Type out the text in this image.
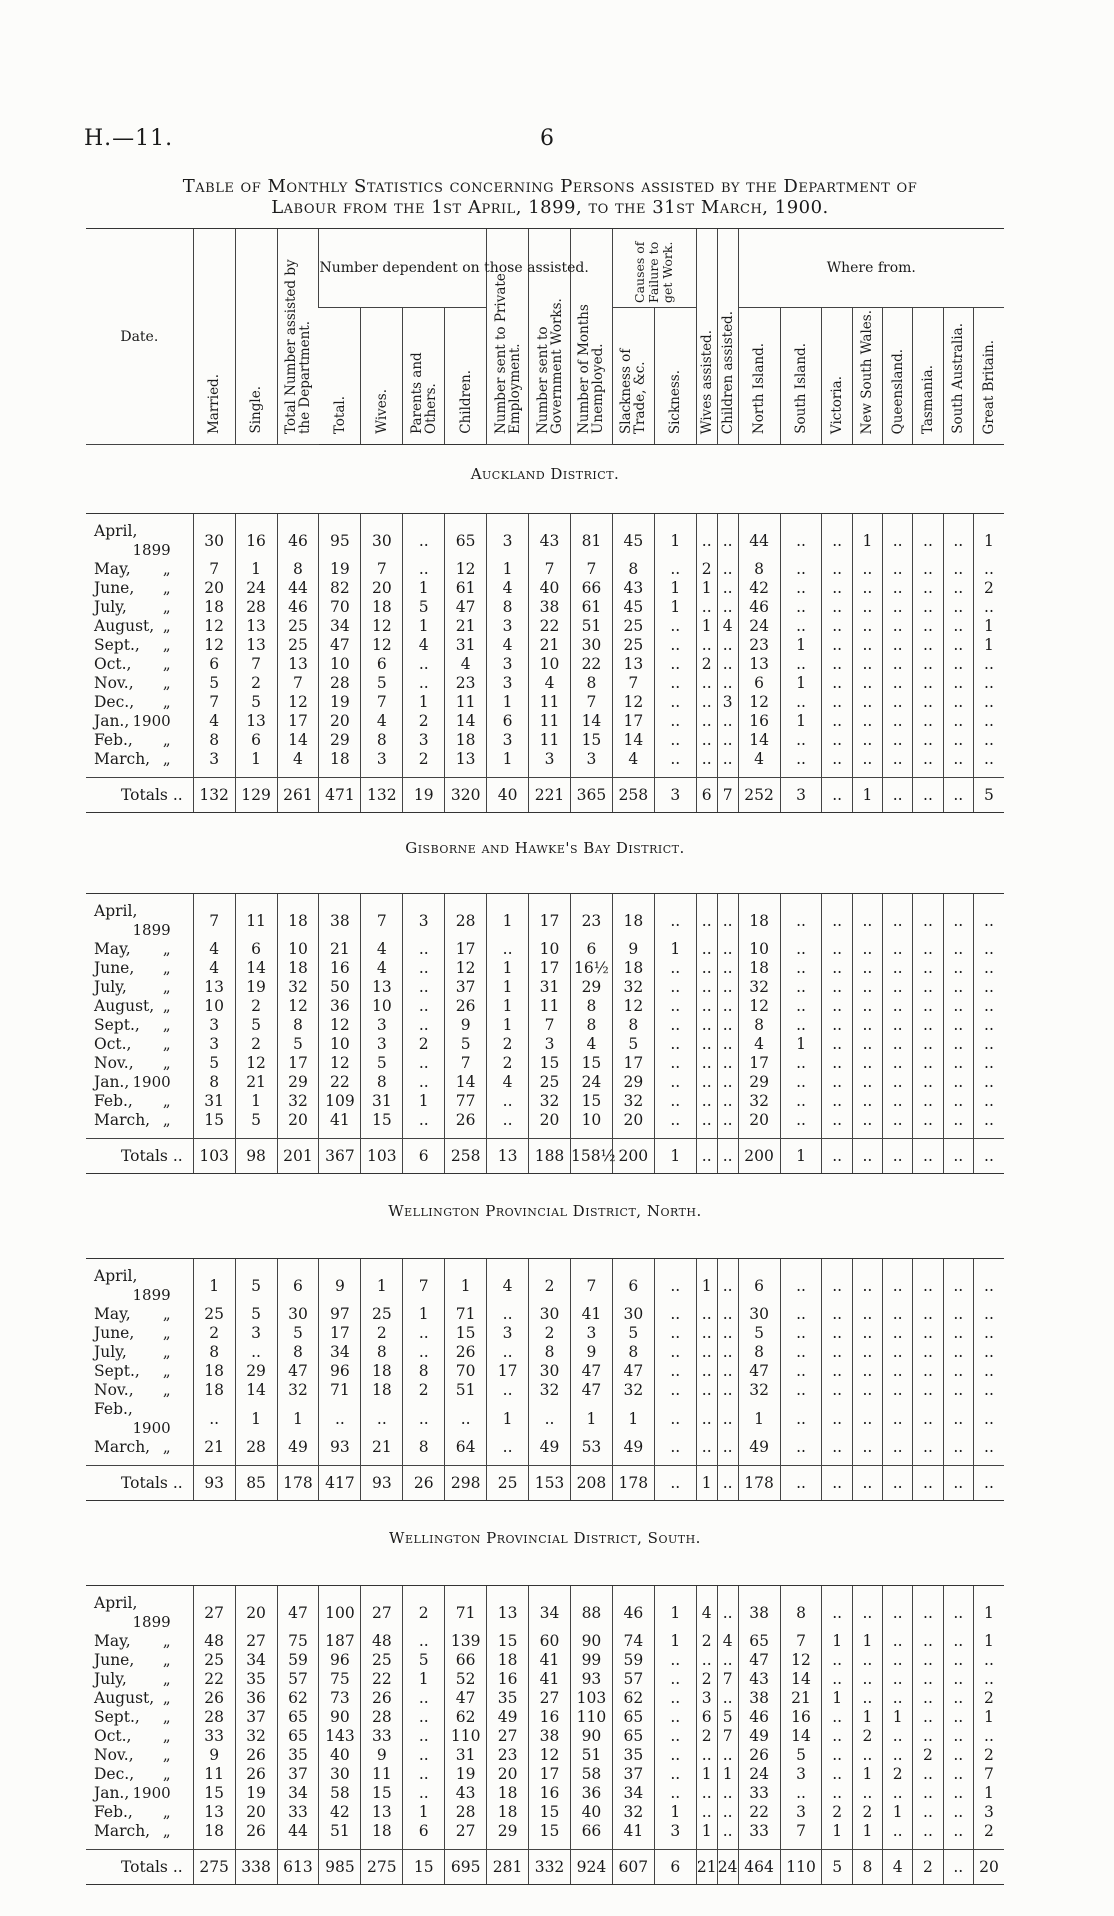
H.—11.	6
Table of Monthly Statistics concerning Persons assisted by the Department of
Labour from the 1st April, 1899, to the 31st March, 1900.
Date.	Married.	Single.	Total Number assisted by the Department.	Number dependent on those assisted.				Number sent to Private Employment.	Number sent to Government Works.	Number of Months Unemployed.	Causes of Failure to get Work.		Wives assisted.	Children assisted.	Where from.							
				Total.	Wives.	Parents and Others.	Children.				Slackness of Trade, &c.	Sickness.			North Island.	South Island.	Victoria.	New South Wales.	Queensland.	Tasmania.	South Australia.	Great Britain.
Auckland District.																						

April,
1899	30	16	46	95	30	..	65	3	43	81	45	1	..	..	44	..	..	1	..	..	..	1
May, „	7	1	8	19	7	..	12	1	7	7	8	..	2	..	8	..	..	..	..	..	..	..
June, „	20	24	44	82	20	1	61	4	40	66	43	1	1	..	42	..	..	..	..	..	..	2
July, „	18	28	46	70	18	5	47	8	38	61	45	1	..	..	46	..	..	..	..	..	..	..
August, „	12	13	25	34	12	1	21	3	22	51	25	..	1	4	24	..	..	..	..	..	..	1
Sept., „	12	13	25	47	12	4	31	4	21	30	25	..	..	..	23	1	..	..	..	..	..	1
Oct., „	6	7	13	10	6	..	4	3	10	22	13	..	2	..	13	..	..	..	..	..	..	..
Nov., „	5	2	7	28	5	..	23	3	4	8	7	..	..	..	6	1	..	..	..	..	..	..
Dec., „	7	5	12	19	7	1	11	1	11	7	12	..	..	3	12	..	..	..	..	..	..	..
Jan., 1900	4	13	17	20	4	2	14	6	11	14	17	..	..	..	16	1	..	..	..	..	..	..
Feb., „	8	6	14	29	8	3	18	3	11	15	14	..	..	..	14	..	..	..	..	..	..	..
March, „	3	1	4	18	3	2	13	1	3	3	4	..	..	..	4	..	..	..	..	..	..	..

Totals ..	132	129	261	471	132	19	320	40	221	365	258	3	6	7	252	3	..	1	..	..	..	5
Gisborne and Hawke's Bay District.																						

April,
1899	7	11	18	38	7	3	28	1	17	23	18	..	..	..	18	..	..	..	..	..	..	..
May, „	4	6	10	21	4	..	17	..	10	6	9	1	..	..	10	..	..	..	..	..	..	..
June, „	4	14	18	16	4	..	12	1	17	16½	18	..	..	..	18	..	..	..	..	..	..	..
July, „	13	19	32	50	13	..	37	1	31	29	32	..	..	..	32	..	..	..	..	..	..	..
August, „	10	2	12	36	10	..	26	1	11	8	12	..	..	..	12	..	..	..	..	..	..	..
Sept., „	3	5	8	12	3	..	9	1	7	8	8	..	..	..	8	..	..	..	..	..	..	..
Oct., „	3	2	5	10	3	2	5	2	3	4	5	..	..	..	4	1	..	..	..	..	..	..
Nov., „	5	12	17	12	5	..	7	2	15	15	17	..	..	..	17	..	..	..	..	..	..	..
Jan., 1900	8	21	29	22	8	..	14	4	25	24	29	..	..	..	29	..	..	..	..	..	..	..
Feb., „	31	1	32	109	31	1	77	..	32	15	32	..	..	..	32	..	..	..	..	..	..	..
March, „	15	5	20	41	15	..	26	..	20	10	20	..	..	..	20	..	..	..	..	..	..	..

Totals ..	103	98	201	367	103	6	258	13	188	158½	200	1	..	..	200	1	..	..	..	..	..	..
Wellington Provincial District, North.																						

April,
1899	1	5	6	9	1	7	1	4	2	7	6	..	1	..	6	..	..	..	..	..	..	..
May, „	25	5	30	97	25	1	71	..	30	41	30	..	..	..	30	..	..	..	..	..	..	..
June, „	2	3	5	17	2	..	15	3	2	3	5	..	..	..	5	..	..	..	..	..	..	..
July, „	8	..	8	34	8	..	26	..	8	9	8	..	..	..	8	..	..	..	..	..	..	..
Sept., „	18	29	47	96	18	8	70	17	30	47	47	..	..	..	47	..	..	..	..	..	..	..
Nov., „	18	14	32	71	18	2	51	..	32	47	32	..	..	..	32	..	..	..	..	..	..	..
Feb.,
1900	..	1	1	..	..	..	..	1	..	1	1	..	..	..	1	..	..	..	..	..	..	..
March, „	21	28	49	93	21	8	64	..	49	53	49	..	..	..	49	..	..	..	..	..	..	..

Totals ..	93	85	178	417	93	26	298	25	153	208	178	..	1	..	178	..	..	..	..	..	..	..
Wellington Provincial District, South.																						

April,
1899	27	20	47	100	27	2	71	13	34	88	46	1	4	..	38	8	..	..	..	..	..	1
May, „	48	27	75	187	48	..	139	15	60	90	74	1	2	4	65	7	1	1	..	..	..	1
June, „	25	34	59	96	25	5	66	18	41	99	59	..	..	..	47	12	..	..	..	..	..	..
July, „	22	35	57	75	22	1	52	16	41	93	57	..	2	7	43	14	..	..	..	..	..	..
August, „	26	36	62	73	26	..	47	35	27	103	62	..	3	..	38	21	1	..	..	..	..	2
Sept., „	28	37	65	90	28	..	62	49	16	110	65	..	6	5	46	16	..	1	1	..	..	1
Oct., „	33	32	65	143	33	..	110	27	38	90	65	..	2	7	49	14	..	2	..	..	..	..
Nov., „	9	26	35	40	9	..	31	23	12	51	35	..	..	..	26	5	..	..	..	2	..	2
Dec., „	11	26	37	30	11	..	19	20	17	58	37	..	1	1	24	3	..	1	2	..	..	7
Jan., 1900	15	19	34	58	15	..	43	18	16	36	34	..	..	..	33	..	..	..	..	..	..	1
Feb., „	13	20	33	42	13	1	28	18	15	40	32	1	..	..	22	3	2	2	1	..	..	3
March, „	18	26	44	51	18	6	27	29	15	66	41	3	1	..	33	7	1	1	..	..	..	2

Totals ..	275	338	613	985	275	15	695	281	332	924	607	6	21	24	464	110	5	8	4	2	..	20
